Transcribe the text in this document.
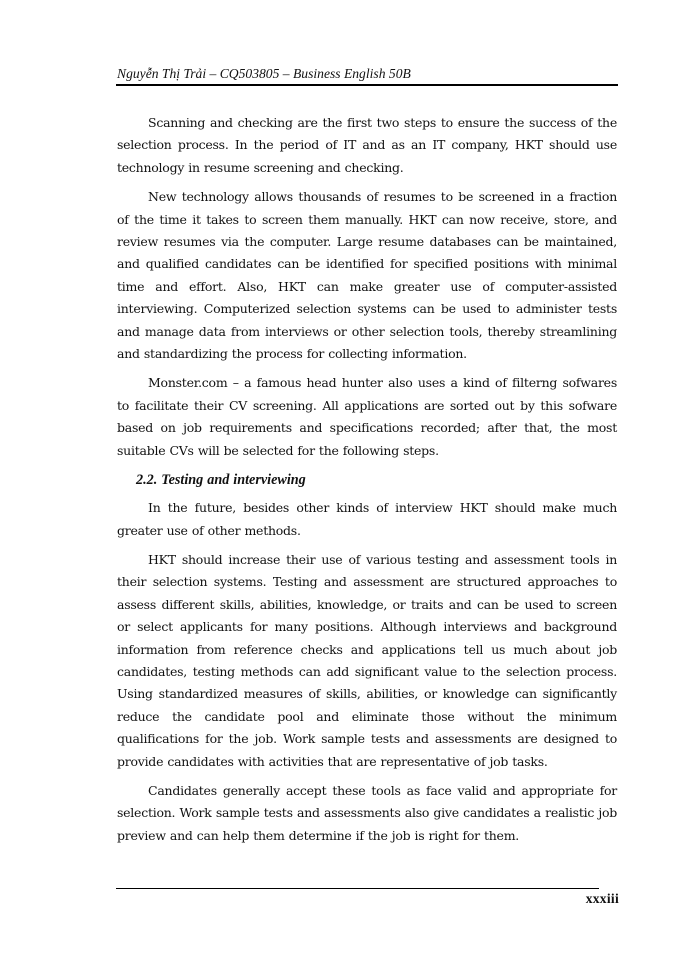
Nguyễn Thị Trải – CQ503805 – Business English 50B

Scanning and checking are the first two steps to ensure the success of the selection process. In the period of IT and as an IT company, HKT should use technology in resume screening and checking.

New technology allows thousands of resumes to be screened in a fraction of the time it takes to screen them manually. HKT can now receive, store, and review resumes via the computer. Large resume databases can be maintained, and qualified candidates can be identified for specified positions with minimal time and effort. Also, HKT can make greater use of computer-assisted interviewing. Computerized selection systems can be used to administer tests and manage data from interviews or other selection tools, thereby streamlining and standardizing the process for collecting information.

Monster.com – a famous head hunter also uses a kind of filterng sofwares to facilitate their CV screening. All applications are sorted out by this sofware based on job requirements and specifications recorded; after that, the most suitable CVs will be selected for the following steps.

2.2. Testing and interviewing

In the future, besides other kinds of interview HKT should make much greater use of other methods.

HKT should increase their use of various testing and assessment tools in their selection systems. Testing and assessment are structured approaches to assess different skills, abilities, knowledge, or traits and can be used to screen or select applicants for many positions. Although interviews and background information from reference checks and applications tell us much about job candidates, testing methods can add significant value to the selection process. Using standardized measures of skills, abilities, or knowledge can significantly reduce the candidate pool and eliminate those without the minimum qualifications for the job. Work sample tests and assessments are designed to provide candidates with activities that are representative of job tasks.

Candidates generally accept these tools as face valid and appropriate for selection. Work sample tests and assessments also give candidates a realistic job preview and can help them determine if the job is right for them.

xxxiii
